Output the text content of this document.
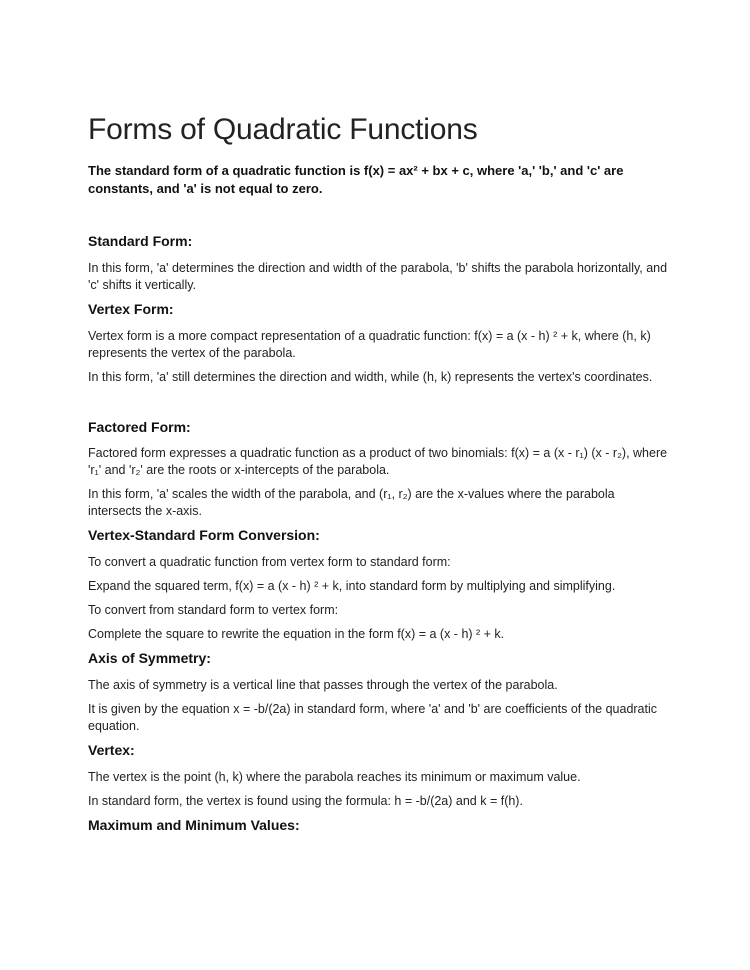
Forms of Quadratic Functions

The standard form of a quadratic function is f(x) = ax² + bx + c, where 'a,' 'b,' and 'c' are constants, and 'a' is not equal to zero.

Standard Form:

In this form, 'a' determines the direction and width of the parabola, 'b' shifts the parabola horizontally, and 'c' shifts it vertically.

Vertex Form:

Vertex form is a more compact representation of a quadratic function: f(x) = a (x - h) ² + k, where (h, k) represents the vertex of the parabola.

In this form, 'a' still determines the direction and width, while (h, k) represents the vertex's coordinates.

Factored Form:

Factored form expresses a quadratic function as a product of two binomials: f(x) = a (x - r₁) (x - r₂), where 'r₁' and 'r₂' are the roots or x-intercepts of the parabola.

In this form, 'a' scales the width of the parabola, and (r₁, r₂) are the x-values where the parabola intersects the x-axis.

Vertex-Standard Form Conversion:

To convert a quadratic function from vertex form to standard form:

Expand the squared term, f(x) = a (x - h) ² + k, into standard form by multiplying and simplifying.

To convert from standard form to vertex form:

Complete the square to rewrite the equation in the form f(x) = a (x - h) ² + k.

Axis of Symmetry:

The axis of symmetry is a vertical line that passes through the vertex of the parabola.

It is given by the equation x = -b/(2a) in standard form, where 'a' and 'b' are coefficients of the quadratic equation.

Vertex:

The vertex is the point (h, k) where the parabola reaches its minimum or maximum value.

In standard form, the vertex is found using the formula: h = -b/(2a) and k = f(h).

Maximum and Minimum Values:
